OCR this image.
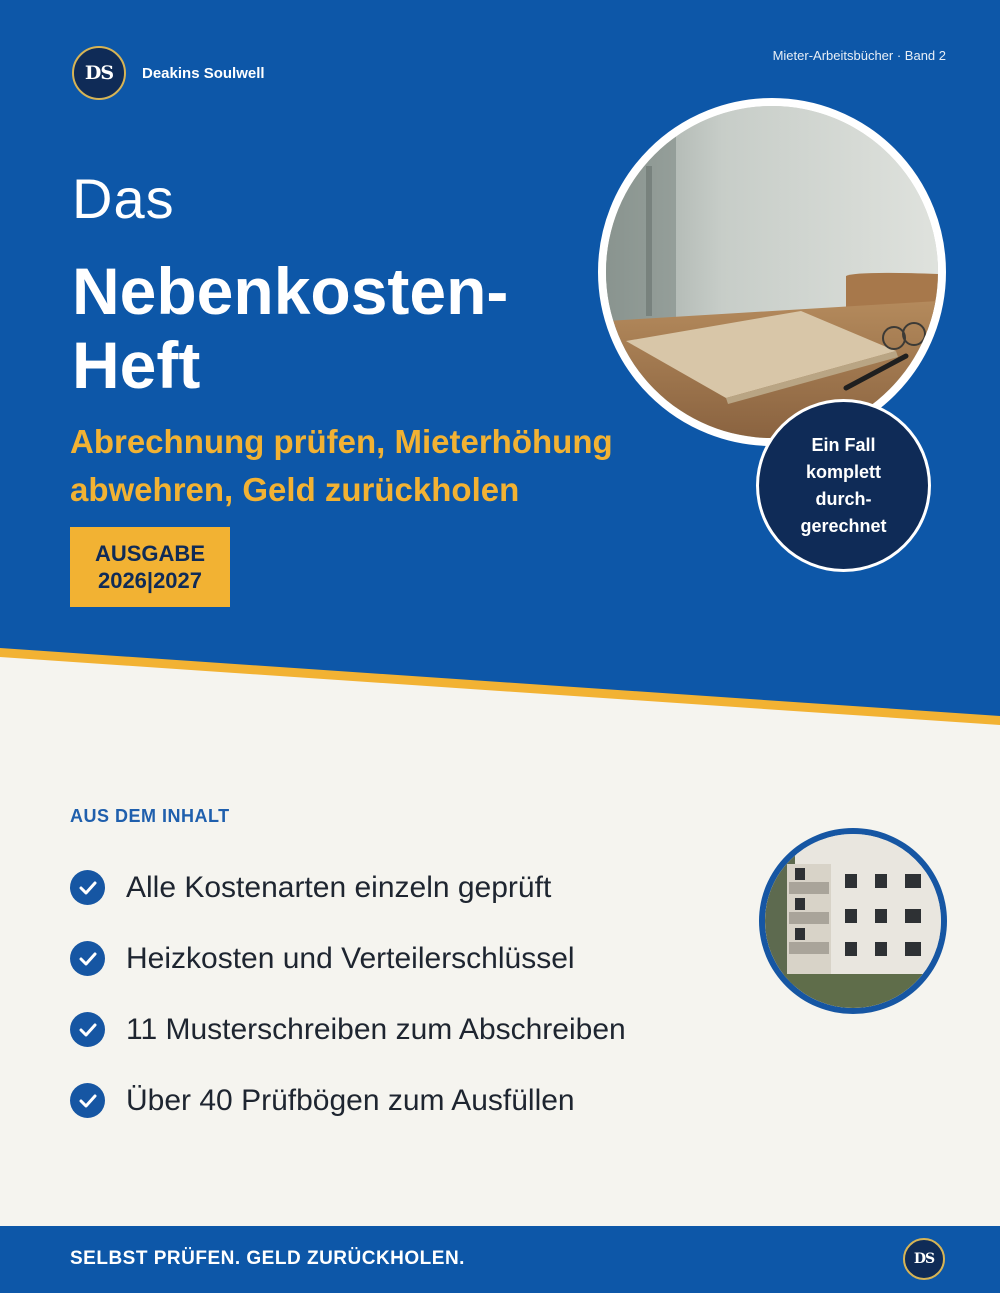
DS	Deakins Soulwell
Mieter-Arbeitsbücher · Band 2
Das
Nebenkosten-
Heft
Abrechnung prüfen, Mieterhöhung
abwehren, Geld zurückholen
AUSGABE
2026|2027
Ein Fall
komplett
durch-
gerechnet
AUS DEM INHALT
Alle Kostenarten einzeln geprüft
Heizkosten und Verteilerschlüssel
11 Musterschreiben zum Abschreiben
Über 40 Prüfbögen zum Ausfüllen
SELBST PRÜFEN. GELD ZURÜCKHOLEN.	DS
